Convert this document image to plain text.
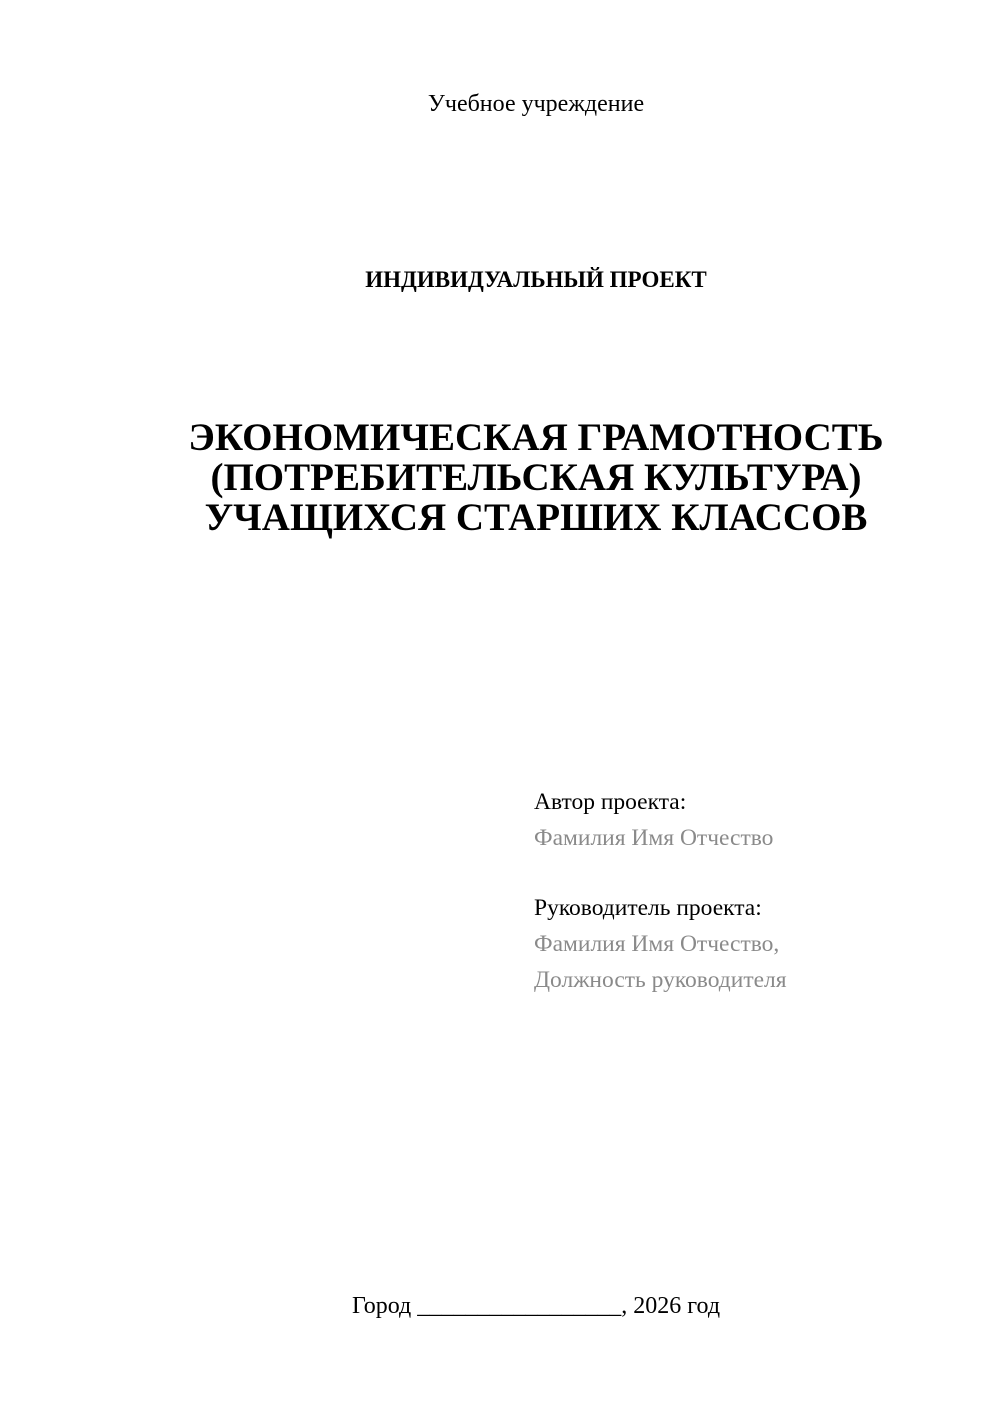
Учебное учреждение
ИНДИВИДУАЛЬНЫЙ ПРОЕКТ
ЭКОНОМИЧЕСКАЯ ГРАМОТНОСТЬ
(ПОТРЕБИТЕЛЬСКАЯ КУЛЬТУРА)
УЧАЩИХСЯ СТАРШИХ КЛАССОВ
Автор проекта:
Фамилия Имя Отчество
Руководитель проекта:
Фамилия Имя Отчество,
Должность руководителя
Город _________________, 2026 год
